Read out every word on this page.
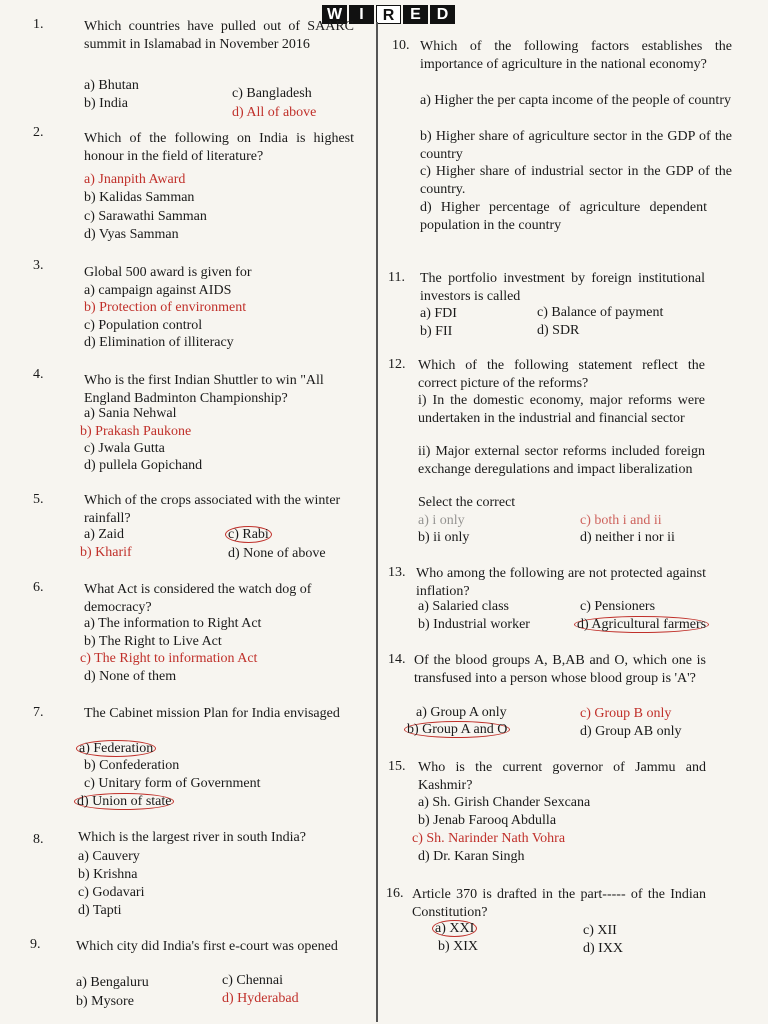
W	I	R E D
1.	Which countries have pulled out of SAARC summit in Islamabad in November 2016
a) Bhutan
b) India
c) Bangladesh
d) All of above
2.	Which of the following on India is highest honour in the field of literature?
a) Jnanpith Award
b) Kalidas Samman
c) Sarawathi Samman
d) Vyas Samman
3.	Global 500 award is given for
a) campaign against AIDS
b) Protection of environment
c) Population control
d) Elimination of illiteracy
4.	Who is the first Indian Shuttler to win "All England Badminton Championship?
a) Sania Nehwal
b) Prakash Paukone
c) Jwala Gutta
d) pullela Gopichand
5.	Which of the crops associated with the winter rainfall?
a) Zaid
b) Kharif
c) Rabi
d) None of above
6.	What Act is considered the watch dog of democracy?
a) The information to Right Act
b) The Right to Live Act
c) The Right to information Act
d) None of them
7.	The Cabinet mission Plan for India envisaged
a) Federation
b) Confederation
c) Unitary form of Government
d) Union of state
8. Which is the largest river in south India?
a) Cauvery
b) Krishna
c) Godavari
d) Tapti
9.	Which city did India's first e-court was opened
a) Bengaluru
b) Mysore
c) Chennai
d) Hyderabad
10. Which of the following factors establishes the importance of agriculture in the national economy?
a) Higher the per capta income of the people of country
b) Higher share of agriculture sector in the GDP of the country
c) Higher share of industrial sector in the GDP of the country.
d) Higher percentage of agriculture dependent population in the country
11. The portfolio investment by foreign institutional investors is called
a) FDI
b) FII
c) Balance of payment
d) SDR
12. Which of the following statement reflect the correct picture of the reforms?
i) In the domestic economy, major reforms were undertaken in the industrial and financial sector
ii) Major external sector reforms included foreign exchange deregulations and impact liberalization
Select the correct
a) i only
b) ii only
c) both i and ii
d) neither i nor ii
13. Who among the following are not protected against inflation?
a) Salaried class
b) Industrial worker
c) Pensioners
d) Agricultural farmers
14. Of the blood groups A, B,AB and O, which one is transfused into a person whose blood group is 'A'?
a) Group A only
b) Group A and O
c) Group B only
d) Group AB only
15. Who is the current governor of Jammu and Kashmir?
a) Sh. Girish Chander Sexcana
b) Jenab Farooq Abdulla
c) Sh. Narinder Nath Vohra
d) Dr. Karan Singh
16. Article 370 is drafted in the part----- of the Indian Constitution?
a) XXI
b) XIX
c) XII
d) IXX
